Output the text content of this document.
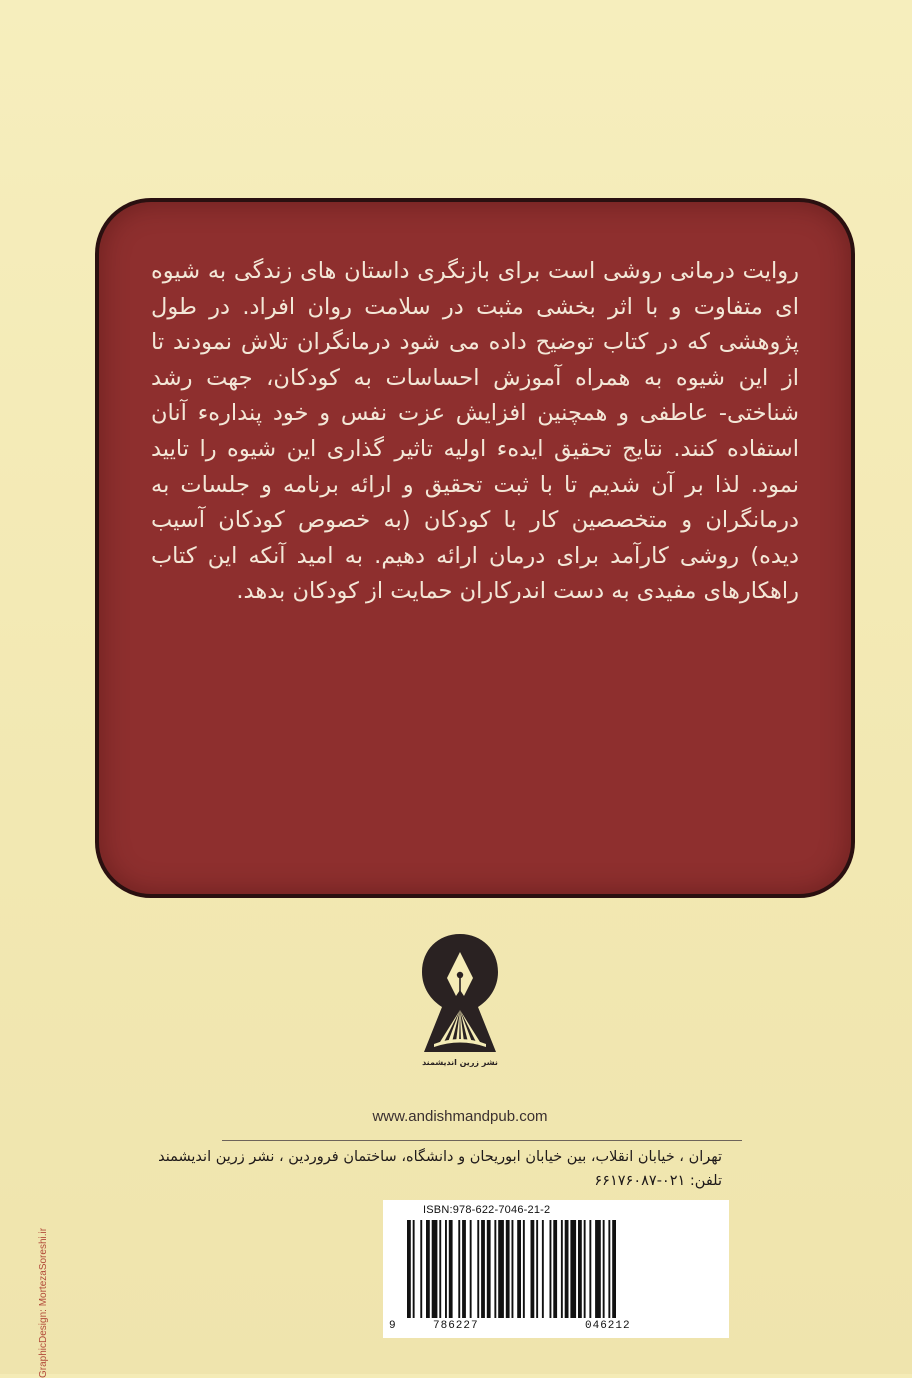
روایت درمانی روشی است برای بازنگری داستان های زندگی به شیوه ای متفاوت و با اثر بخشی مثبت در سلامت روان افراد. در طول پژوهشی که در کتاب توضیح داده می شود درمانگران تلاش نمودند تا از این شیوه به همراه آموزش احساسات به کودکان، جهت رشد شناختی- عاطفی و همچنین افزایش عزت نفس و خود پنداره‌ء آنان استفاده کنند. نتایج تحقیق ایده‌ء اولیه تاثیر گذاری این شیوه را تایید نمود. لذا بر آن شدیم تا با ثبت تحقیق و ارائه برنامه و جلسات به درمانگران و متخصصین کار با کودکان (به خصوص کودکان آسیب دیده) روشی کارآمد برای درمان ارائه دهیم. به امید آنکه این کتاب راهکارهای مفیدی به دست اندرکاران حمایت از کودکان بدهد.
نشر زرین اندیشمند
www.andishmandpub.com
تهران ، خیابان انقلاب، بین خیابان ابوریحان و دانشگاه، ساختمان فروردین ، نشر زرین اندیشمند
تلفن: ۰۲۱-۶۶۱۷۶۰۸۷
ISBN:978-622-7046-21-2
9	786227	046212
GraphicDesign: MortezaSoreshi.ir
